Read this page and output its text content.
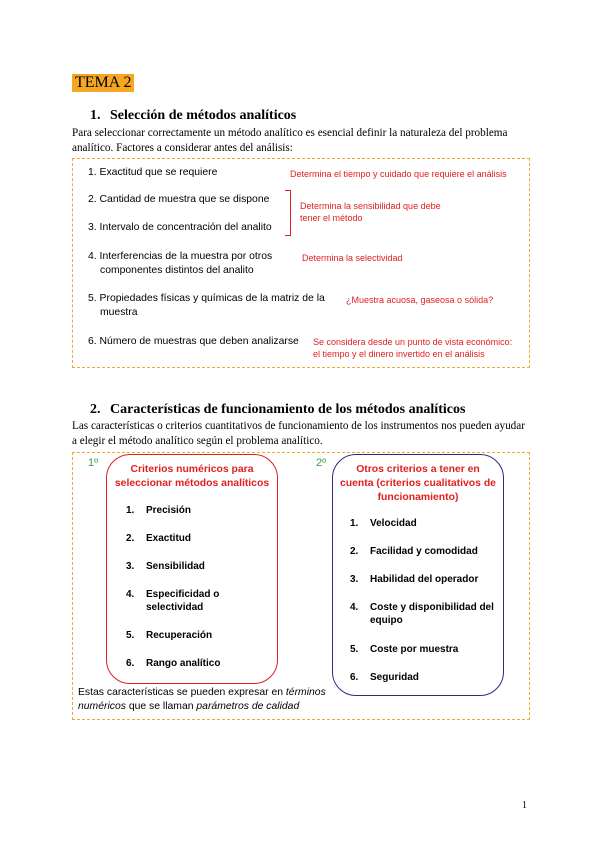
TEMA 2
1. Selección de métodos analíticos
Para seleccionar correctamente un método analítico es esencial definir la naturaleza del problema
analítico. Factores a considerar antes del análisis:
1. Exactitud que se requiere
2. Cantidad de muestra que se dispone
3. Intervalo de concentración del analito
4. Interferencias de la muestra por otros
componentes distintos del analito
5. Propiedades físicas y químicas de la matriz de la
muestra
6. Número de muestras que deben analizarse
Determina el tiempo y cuidado que requiere el análisis
Determina la sensibilidad que debe
tener el método
Determina la selectividad
¿Muestra acuosa, gaseosa o sólida?
Se considera desde un punto de vista económico:
el tiempo y el dinero invertido en el análisis
2. Características de funcionamiento de los métodos analíticos
Las características o criterios cuantitativos de funcionamiento de los instrumentos nos pueden ayudar
a elegir el método analítico según el problema analítico.
1º	2º
Criterios numéricos para
seleccionar métodos analíticos
1. Precisión
2. Exactitud
3. Sensibilidad
4. Especificidad o
selectividad
5. Recuperación
6. Rango analítico
Otros criterios a tener en
cuenta (criterios cualitativos de
funcionamiento)
1. Velocidad
2. Facilidad y comodidad
3. Habilidad del operador
4. Coste y disponibilidad del
equipo
5. Coste por muestra
6. Seguridad
Estas características se pueden expresar en términos numéricos que se llaman parámetros de calidad
1
